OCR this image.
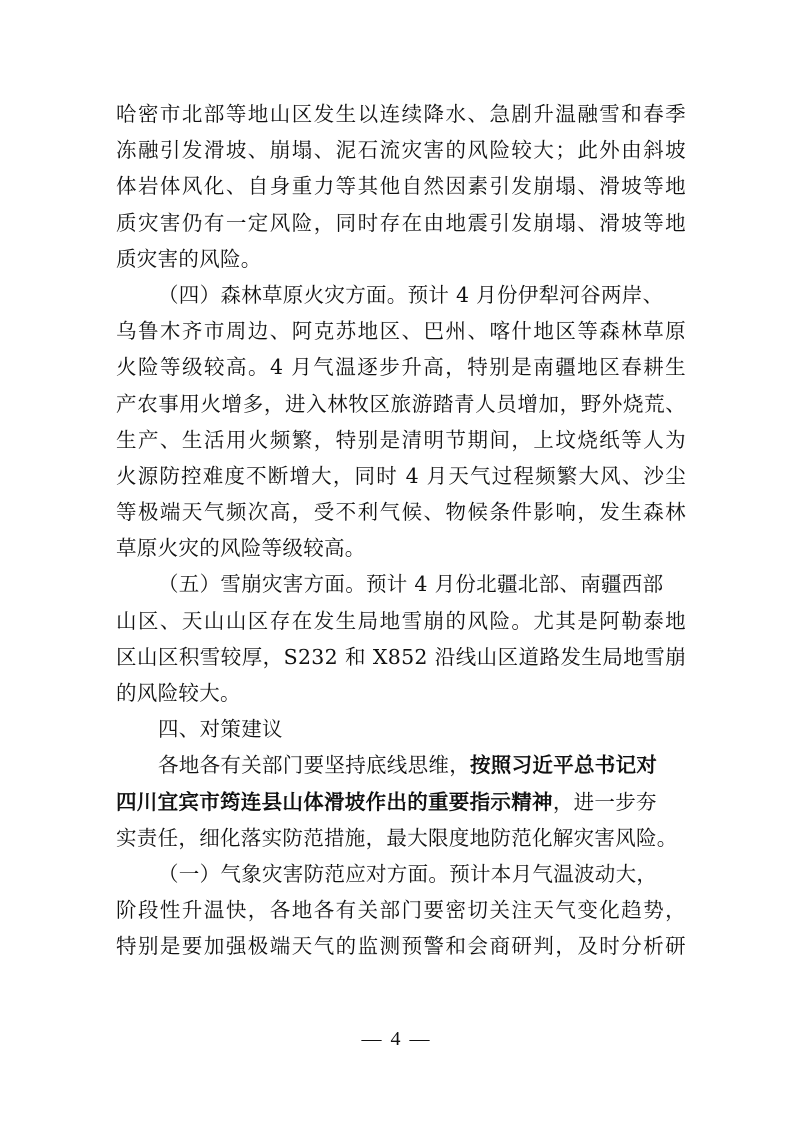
哈密市北部等地山区发生以连续降水、急剧升温融雪和春季
冻融引发滑坡、崩塌、泥石流灾害的风险较大；此外由斜坡
体岩体风化、自身重力等其他自然因素引发崩塌、滑坡等地
质灾害仍有一定风险，同时存在由地震引发崩塌、滑坡等地
质灾害的风险。
（四）森林草原火灾方面。预计 4 月份伊犁河谷两岸、
乌鲁木齐市周边、阿克苏地区、巴州、喀什地区等森林草原
火险等级较高。4 月气温逐步升高，特别是南疆地区春耕生
产农事用火增多，进入林牧区旅游踏青人员增加，野外烧荒、
生产、生活用火频繁，特别是清明节期间，上坟烧纸等人为
火源防控难度不断增大，同时 4 月天气过程频繁大风、沙尘
等极端天气频次高，受不利气候、物候条件影响，发生森林
草原火灾的风险等级较高。
（五）雪崩灾害方面。预计 4 月份北疆北部、南疆西部
山区、天山山区存在发生局地雪崩的风险。尤其是阿勒泰地
区山区积雪较厚，S232 和 X852 沿线山区道路发生局地雪崩
的风险较大。
四、对策建议
各地各有关部门要坚持底线思维，按照习近平总书记对
四川宜宾市筠连县山体滑坡作出的重要指示精神，进一步夯
实责任，细化落实防范措施，最大限度地防范化解灾害风险。
（一）气象灾害防范应对方面。预计本月气温波动大，
阶段性升温快，各地各有关部门要密切关注天气变化趋势，
特别是要加强极端天气的监测预警和会商研判，及时分析研
— 4 —
